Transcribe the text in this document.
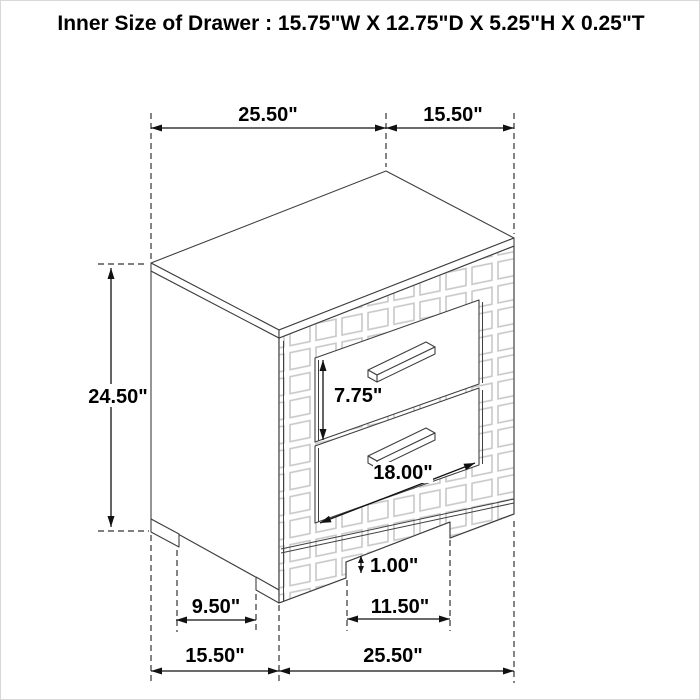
25.50"	15.50"
24.50"	7.75"
18.00"
1.00"
9.50"	11.50"
15.50"	25.50"
Inner Size of Drawer : 15.75"W X 12.75"D X 5.25"H X 0.25"T
